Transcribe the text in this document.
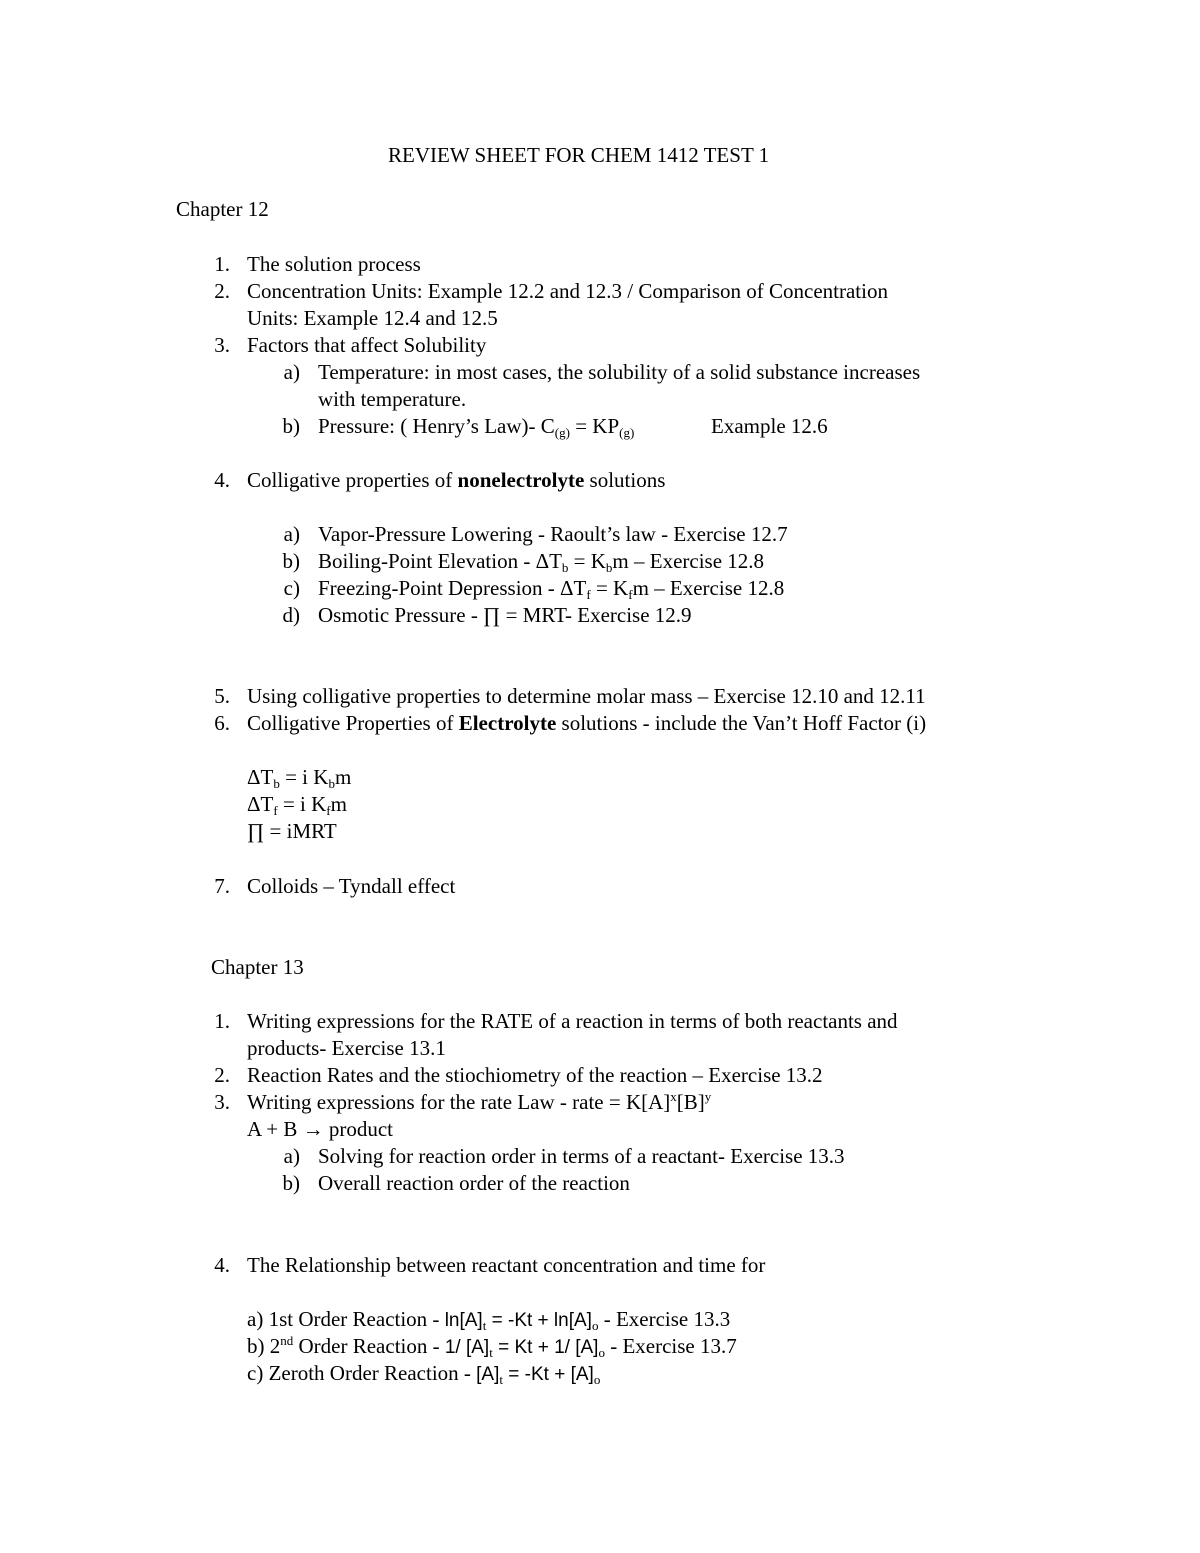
REVIEW SHEET FOR CHEM 1412 TEST 1
Chapter 12
1. The solution process
2. Concentration Units: Example 12.2 and 12.3 / Comparison of Concentration
Units: Example 12.4 and 12.5
3. Factors that affect Solubility
a) Temperature: in most cases, the solubility of a solid substance increases
with temperature.
b) Pressure: ( Henry’s Law)- $C_{(g)} = KP_{(g)}$	Example 12.6
4. Colligative properties of nonelectrolyte solutions
a) Vapor-Pressure Lowering - Raoult’s law - Exercise 12.7
b) Boiling-Point Elevation - $\Delta T_b = K_bm$ – Exercise 12.8
c) Freezing-Point Depression - $\Delta T_f = K_fm$ – Exercise 12.8
d) Osmotic Pressure - ∏ = MRT- Exercise 12.9
5. Using colligative properties to determine molar mass – Exercise 12.10 and 12.11
6. Colligative Properties of Electrolyte solutions - include the Van’t Hoff Factor (i)
$\Delta T_b = i$ $K_bm$
$\Delta T_f = i$ $K_fm$
∏ = iMRT
7. Colloids – Tyndall effect
Chapter 13
1. Writing expressions for the RATE of a reaction in terms of both reactants and
products- Exercise 13.1
2. Reaction Rates and the stiochiometry of the reaction – Exercise 13.2
3. Writing expressions for the rate Law - rate = $K[A]^x[B]^y$
A + B → product
a) Solving for reaction order in terms of a reactant- Exercise 13.3
b) Overall reaction order of the reaction
4. The Relationship between reactant concentration and time for
a) 1st Order Reaction - $\ln[A]_t = -Kt + \ln[A]_o$ - Exercise 13.3
b) 2nd Order Reaction - 1/ $[A]_t = Kt + 1/$ $[A]_o$ - Exercise 13.7
c) Zeroth Order Reaction - $[A]_t = -Kt + [A]_o$
